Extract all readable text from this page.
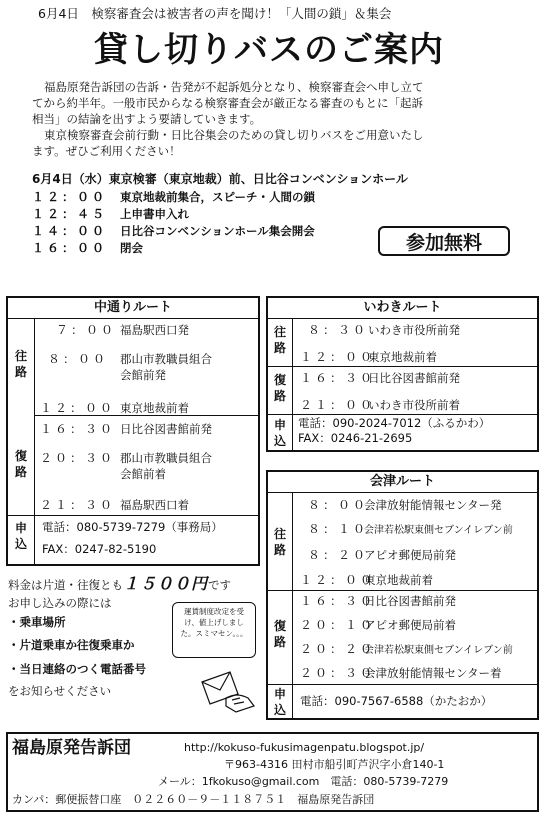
6月4日　検察審査会は被害者の声を聞け！「人間の鎖」＆集会
貸し切りバスのご案内
福島原発告訴団の告訴・告発が不起訴処分となり、検察審査会へ申し立て
てから約半年。一般市民からなる検察審査会が厳正なる審査のもとに「起訴
相当」の結論を出すよう要請していきます。
東京検察審査会前行動・日比谷集会のための貸し切りバスをご用意いたし
ます。ぜひご利用ください！
6月4日（水）東京検審（東京地裁）前、日比谷コンベンションホール
１２：００ 東京地裁前集合，スピーチ・人間の鎖
１２：４５ 上申書申入れ
１４：００ 日比谷コンベンションホール集会開会
１６：００ 閉会	参加無料
中通りルート
往路
７：００ 福島駅西口発
８：００ 郡山市教職員組合
会館前発
１２：００ 東京地裁前着
復路
１６：３０ 日比谷図書館前発
２０：３０ 郡山市教職員組合
会館前着
２１：３０ 福島駅西口着
申込
電話：080-5739-7279（事務局）
FAX：0247-82-5190
いわきルート
往路
８：３０いわき市役所前発
１２：００東京地裁前着
復路
１６：３０日比谷図書館前発
２１：００いわき市役所前着
申込
電話：090-2024-7012（ふるかわ）
FAX：0246-21-2695
会津ルート
往路
８：００会津放射能情報センター発
８：１０会津若松駅東側セブンイレブン前
８：２０アピオ郵便局前発
１２：００東京地裁前着
復路
１６：３０日比谷図書館前発
２０：１０アピオ郵便局前着
２０：２０会津若松駅東側セブンイレブン前
２０：３０会津放射能情報センター着
申込
電話：090-7567-6588（かたおか）
料金は片道・往復とも１５００円です
お申し込みの際には
・乗車場所
・片道乗車か往復乗車か
・当日連絡のつく電話番号
をお知らせください
運賃制度改定を受け、値上げしました。スミマセン。。。
福島原発告訴団	http://kokuso-fukusimagenpatu.blogspot.jp/
〒963-4316 田村市船引町芦沢字小倉140-1
メール：1fkokuso@gmail.com　電話：080-5739-7279
カンパ：郵便振替口座　０２２６０－９－１１８７５１　福島原発告訴団
